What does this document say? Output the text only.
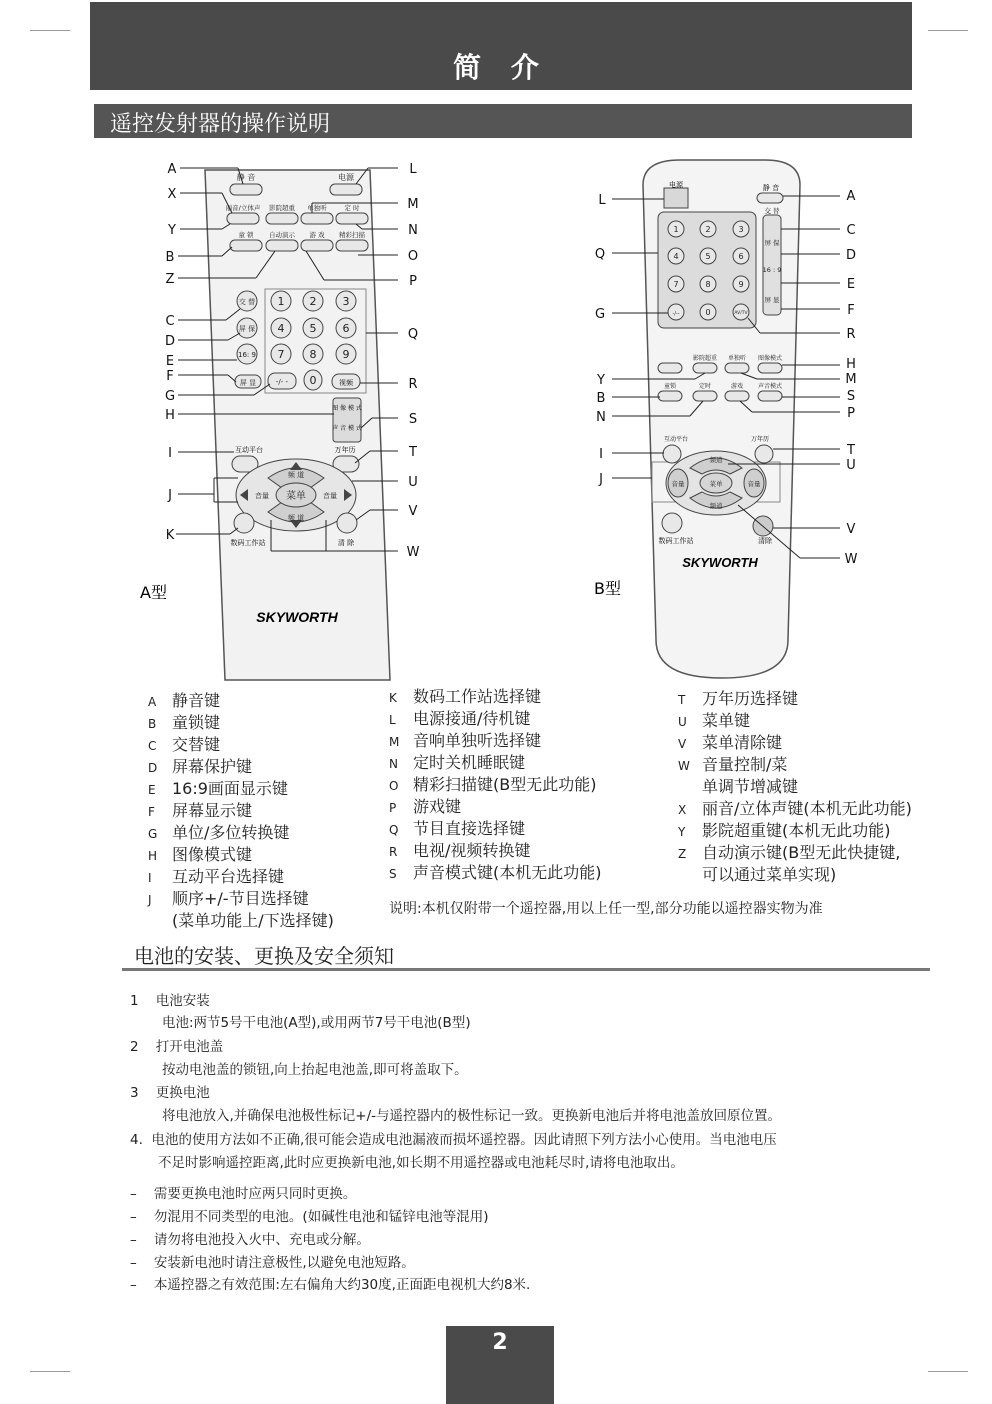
简 介
遥控发射器的操作说明
静 音	电源
丽音/立体声 影院超重 单独听	定 时
童 锁 自动演示 游 戏 精彩扫描
交 替
屏 保
16: 9
屏 显	-/- -
1 2 3
4 5 6
7 8 9
0	视频
图 像 模 式
声 音 模 式
互动平台	万年历
频 道
音量 菜单 音量
频 道
数码工作站	清 除
SKYWORTH
A型
A
X
Y
B
Z
C
D
E
F
G
H
I
J
K
L
M
N
O
P
Q
R
S
T
U
V
W
电源	静 音
交 替
屏 保
16 : 9
屏 显
1	2	3
4	5	6
7	8	9
-/--	0	AV/TV
影院超重 单独听 图像模式
童锁	定时	游戏 声音模式
互动平台	万年历
频道
音量	菜单	音量
频道
数码工作站	清除
SKYWORTH
B型
L
Q
G
Y
B
N
I
J
A
C
D
E
F
R
H
M
S
P
T
U
V
W
A 静音键
B 童锁键
C 交替键
D 屏幕保护键
E 16:9画面显示键
F 屏幕显示键
G 单位/多位转换键
H 图像模式键
I 互动平台选择键
J 顺序+/-节目选择键
(菜单功能上/下选择键)
K 数码工作站选择键
L 电源接通/待机键
M 音响单独听选择键
N 定时关机睡眠键
O 精彩扫描键(B型无此功能)
P 游戏键
Q 节目直接选择键
R 电视/视频转换键
S 声音模式键(本机无此功能)
T 万年历选择键
U 菜单键
V 菜单清除键
W 音量控制/菜
单调节增减键
X 丽音/立体声键(本机无此功能)
Y 影院超重键(本机无此功能)
Z 自动演示键(B型无此快捷键,
可以通过菜单实现)
说明:本机仅附带一个遥控器,用以上任一型,部分功能以遥控器实物为准
电池的安装、更换及安全须知
1 电池安装
电池:两节5号干电池(A型),或用两节7号干电池(B型)
2 打开电池盖
按动电池盖的锁钮,向上抬起电池盖,即可将盖取下。
3 更换电池
将电池放入,并确保电池极性标记+/-与遥控器内的极性标记一致。更换新电池后并将电池盖放回原位置。
4. 电池的使用方法如不正确,很可能会造成电池漏液而损坏遥控器。因此请照下列方法小心使用。当电池电压
不足时影响遥控距离,此时应更换新电池,如长期不用遥控器或电池耗尽时,请将电池取出。
–    需要更换电池时应两只同时更换。
–    勿混用不同类型的电池。(如碱性电池和锰锌电池等混用)
–    请勿将电池投入火中、充电或分解。
–    安装新电池时请注意极性,以避免电池短路。
–    本遥控器之有效范围:左右偏角大约30度,正面距电视机大约8米.
2
